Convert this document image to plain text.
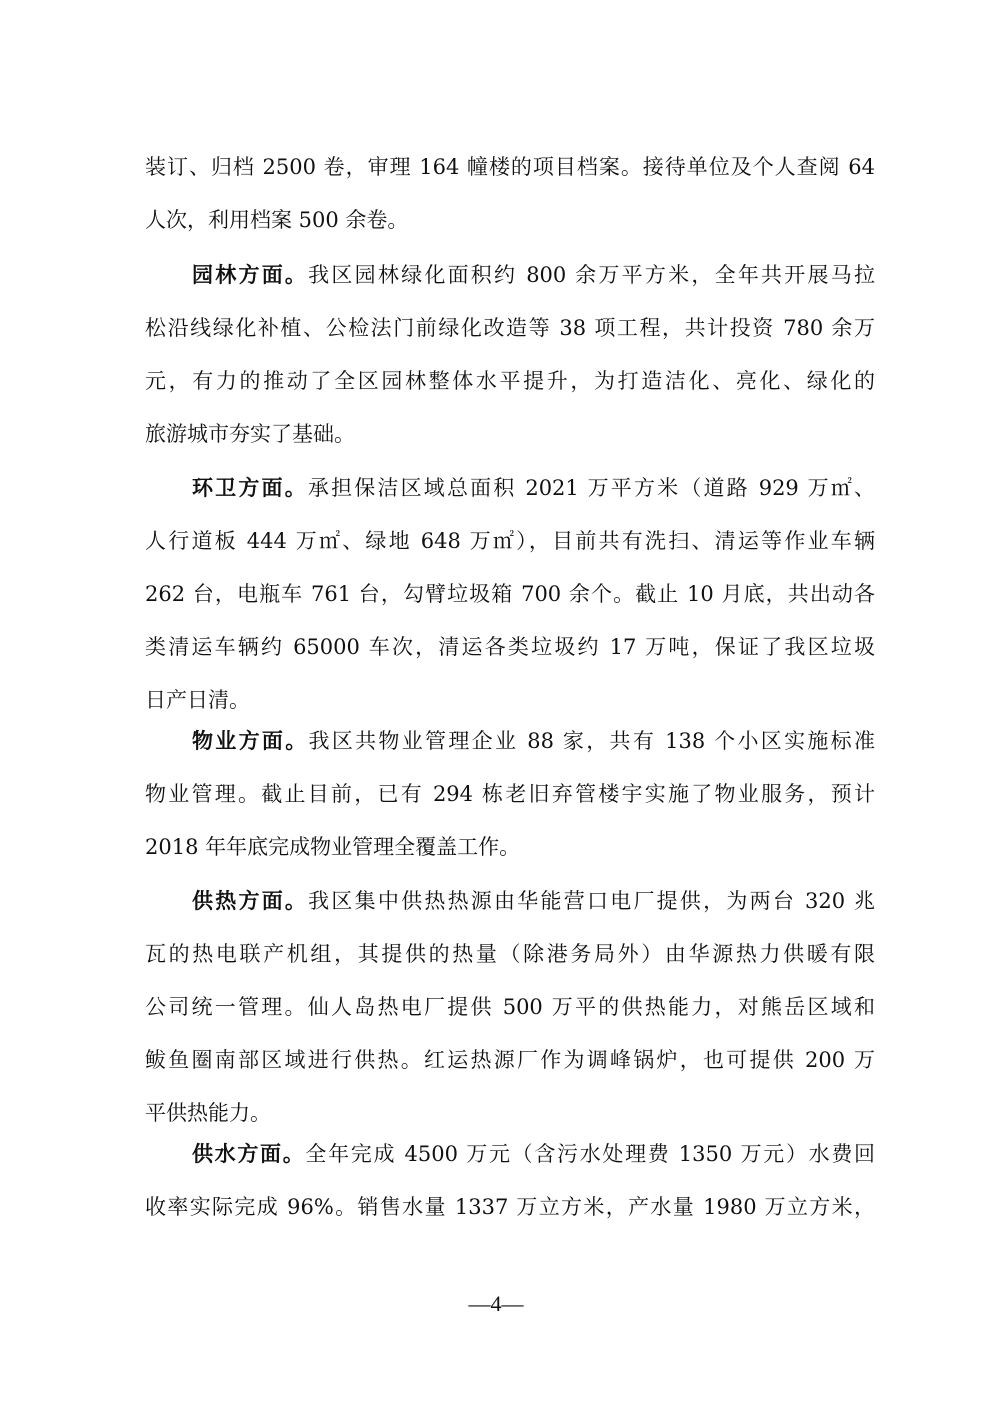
装订、归档 2500 卷，审理 164 幢楼的项目档案。接待单位及个人查阅 64
人次，利用档案 500 余卷。
园林方面。我区园林绿化面积约 800 余万平方米，全年共开展马拉
松沿线绿化补植、公检法门前绿化改造等 38 项工程，共计投资 780 余万
元，有力的推动了全区园林整体水平提升，为打造洁化、亮化、绿化的
旅游城市夯实了基础。
环卫方面。承担保洁区域总面积 2021 万平方米（道路 929 万㎡、
人行道板 444 万㎡、绿地 648 万㎡），目前共有洗扫、清运等作业车辆
262 台，电瓶车 761 台，勾臂垃圾箱 700 余个。截止 10 月底，共出动各
类清运车辆约 65000 车次，清运各类垃圾约 17 万吨，保证了我区垃圾
日产日清。
物业方面。我区共物业管理企业 88 家，共有 138 个小区实施标准
物业管理。截止目前，已有 294 栋老旧弃管楼宇实施了物业服务，预计
2018 年年底完成物业管理全覆盖工作。
供热方面。我区集中供热热源由华能营口电厂提供，为两台 320 兆
瓦的热电联产机组，其提供的热量（除港务局外）由华源热力供暖有限
公司统一管理。仙人岛热电厂提供 500 万平的供热能力，对熊岳区域和
鲅鱼圈南部区域进行供热。红运热源厂作为调峰锅炉，也可提供 200 万
平供热能力。
供水方面。全年完成 4500 万元（含污水处理费 1350 万元）水费回
收率实际完成 96%。销售水量 1337 万立方米，产水量 1980 万立方米，
—4—
